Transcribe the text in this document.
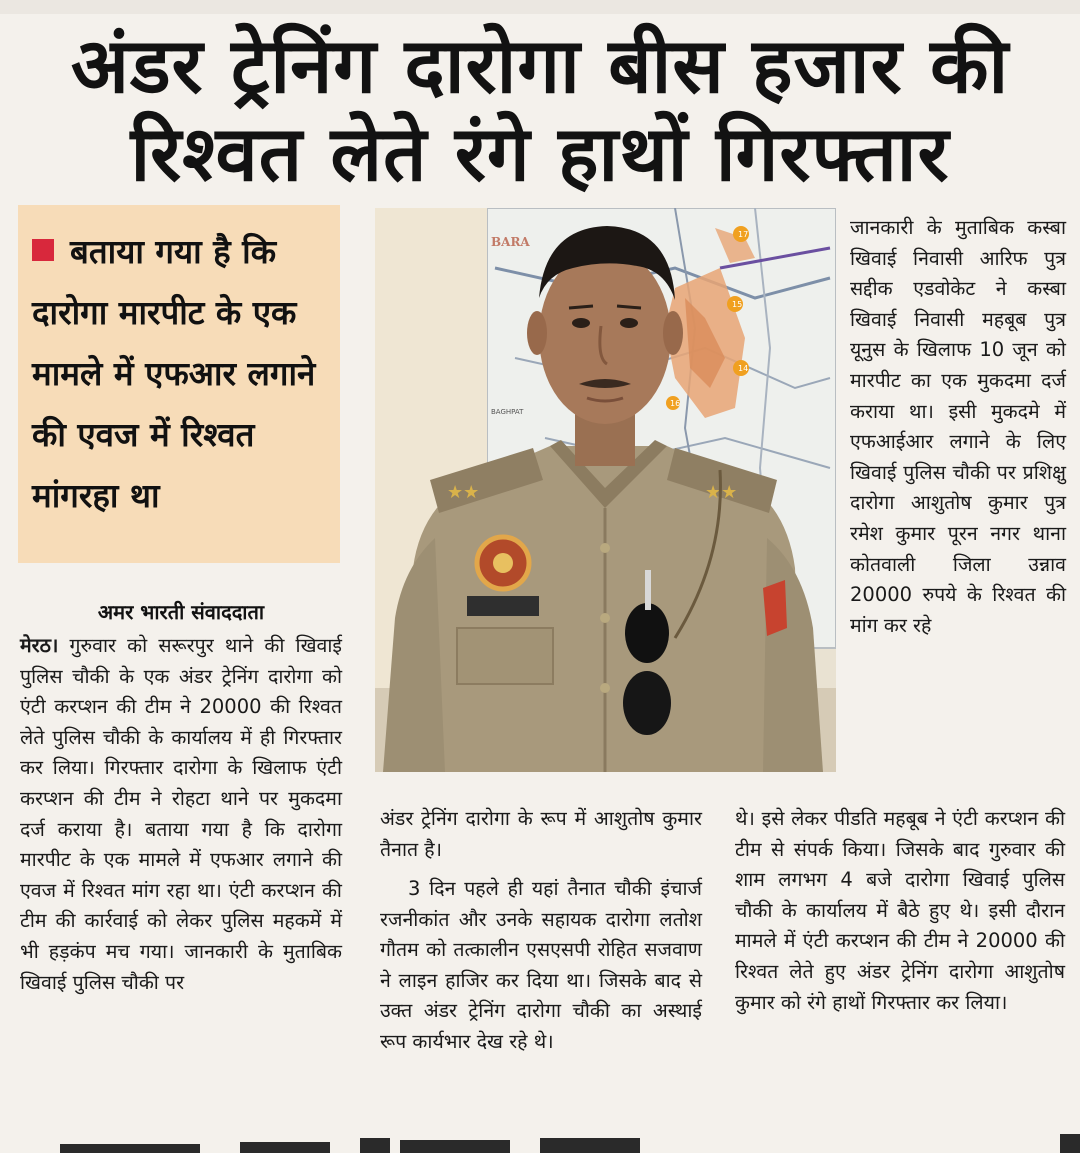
अंडर ट्रेनिंग दारोगा बीस हजार की
रिश्वत लेते रंगे हाथों गिरफ्तार

बताया गया है कि दारोगा मारपीट के एक मामले में एफआर लगाने की एवज में रिश्वत मांगरहा था

अमर भारती संवाददाता

मेरठ। गुरुवार को सरूरपुर थाने की खिवाई पुलिस चौकी के एक अंडर ट्रेनिंग दारोगा को एंटी करप्शन की टीम ने 20000 की रिश्वत लेते पुलिस चौकी के कार्यालय में ही गिरफ्तार कर लिया। गिरफ्तार दारोगा के खिलाफ एंटी करप्शन की टीम ने रोहटा थाने पर मुकदमा दर्ज कराया है। बताया गया है कि दारोगा मारपीट के एक मामले में एफआर लगाने की एवज में रिश्वत मांग रहा था। एंटी करप्शन की टीम की कार्रवाई को लेकर पुलिस महकमें में भी हड़कंप मच गया। जानकारी के मुताबिक खिवाई पुलिस चौकी पर

BARA
BAGHPAT
17
15
14
16
★★	★★

अंडर ट्रेनिंग दारोगा के रूप में आशुतोष कुमार तैनात है।

3 दिन पहले ही यहां तैनात चौकी इंचार्ज रजनीकांत और उनके सहायक दारोगा लतोश गौतम को तत्कालीन एसएसपी रोहित सजवाण ने लाइन हाजिर कर दिया था। जिसके बाद से उक्त अंडर ट्रेनिंग दारोगा चौकी का अस्थाई रूप कार्यभार देख रहे थे।

जानकारी के मुताबिक कस्बा खिवाई निवासी आरिफ पुत्र सद्दीक एडवोकेट ने कस्बा खिवाई निवासी महबूब पुत्र यूनुस के खिलाफ 10 जून को मारपीट का एक मुकदमा दर्ज कराया था। इसी मुकदमे में एफआईआर लगाने के लिए खिवाई पुलिस चौकी पर प्रशिक्षु दारोगा आशुतोष कुमार पुत्र रमेश कुमार पूरन नगर थाना कोतवाली जिला उन्नाव 20000 रुपये के रिश्वत की मांग कर रहे

थे। इसे लेकर पीडति महबूब ने एंटी करप्शन की टीम से संपर्क किया। जिसके बाद गुरुवार की शाम लगभग 4 बजे दारोगा खिवाई पुलिस चौकी के कार्यालय में बैठे हुए थे। इसी दौरान मामले में एंटी करप्शन की टीम ने 20000 की रिश्वत लेते हुए अंडर ट्रेनिंग दारोगा आशुतोष कुमार को रंगे हाथों गिरफ्तार कर लिया।
